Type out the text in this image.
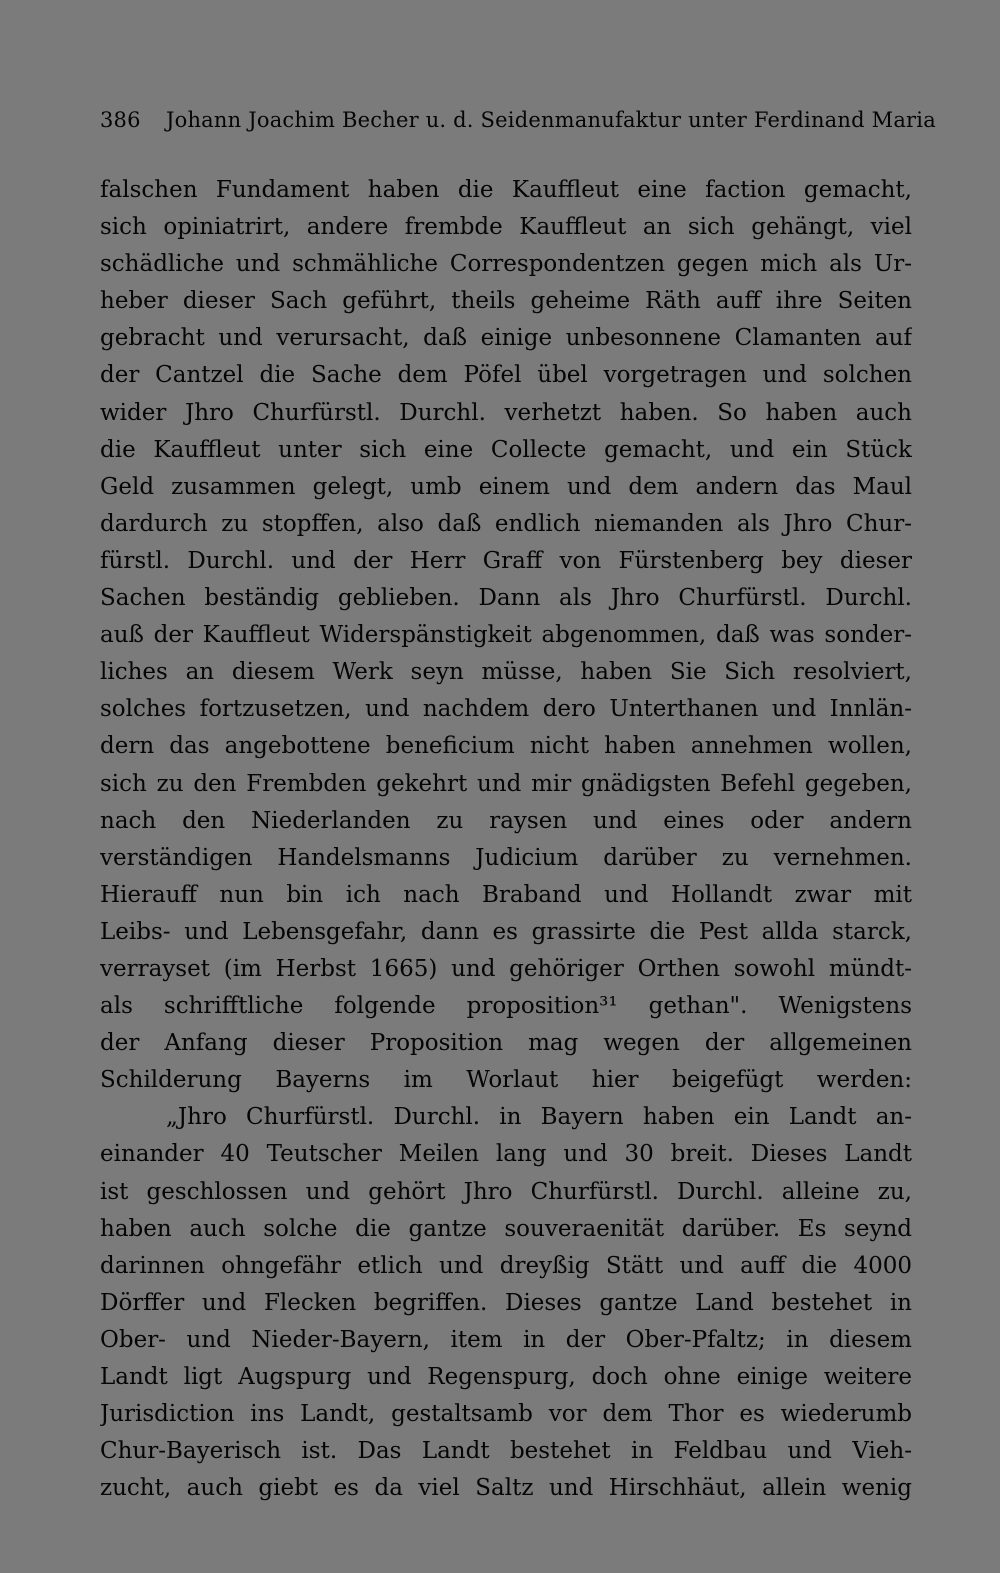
386	Johann Joachim Becher u. d. Seidenmanufaktur unter Ferdinand Maria
falschen Fundament haben die Kauffleut eine faction gemacht,
sich opiniatrirt, andere frembde Kauffleut an sich gehängt, viel
schädliche und schmähliche Correspondentzen gegen mich als Ur-
heber dieser Sach geführt, theils geheime Räth auff ihre Seiten
gebracht und verursacht, daß einige unbesonnene Clamanten auf
der Cantzel die Sache dem Pöfel übel vorgetragen und solchen
wider Jhro Churfürstl. Durchl. verhetzt haben. So haben auch
die Kauffleut unter sich eine Collecte gemacht, und ein Stück
Geld zusammen gelegt, umb einem und dem andern das Maul
dardurch zu stopffen, also daß endlich niemanden als Jhro Chur-
fürstl. Durchl. und der Herr Graff von Fürstenberg bey dieser
Sachen beständig geblieben. Dann als Jhro Churfürstl. Durchl.
auß der Kauffleut Widerspänstigkeit abgenommen, daß was sonder-
liches an diesem Werk seyn müsse, haben Sie Sich resolviert,
solches fortzusetzen, und nachdem dero Unterthanen und Innlän-
dern das angebottene beneficium nicht haben annehmen wollen,
sich zu den Frembden gekehrt und mir gnädigsten Befehl gegeben,
nach den Niederlanden zu raysen und eines oder andern
verständigen Handelsmanns Judicium darüber zu vernehmen.
Hierauff nun bin ich nach Braband und Hollandt zwar mit
Leibs- und Lebensgefahr, dann es grassirte die Pest allda starck,
verrayset (im Herbst 1665) und gehöriger Orthen sowohl mündt-
als schrifftliche folgende proposition³¹ gethan". Wenigstens
der Anfang dieser Proposition mag wegen der allgemeinen
Schilderung Bayerns im Worlaut hier beigefügt werden:
„Jhro Churfürstl. Durchl. in Bayern haben ein Landt an-
einander 40 Teutscher Meilen lang und 30 breit. Dieses Landt
ist geschlossen und gehört Jhro Churfürstl. Durchl. alleine zu,
haben auch solche die gantze souveraenität darüber. Es seynd
darinnen ohngefähr etlich und dreyßig Stätt und auff die 4000
Dörffer und Flecken begriffen. Dieses gantze Land bestehet in
Ober- und Nieder-Bayern, item in der Ober-Pfaltz; in diesem
Landt ligt Augspurg und Regenspurg, doch ohne einige weitere
Jurisdiction ins Landt, gestaltsamb vor dem Thor es wiederumb
Chur-Bayerisch ist. Das Landt bestehet in Feldbau und Vieh-
zucht, auch giebt es da viel Saltz und Hirschhäut, allein wenig
